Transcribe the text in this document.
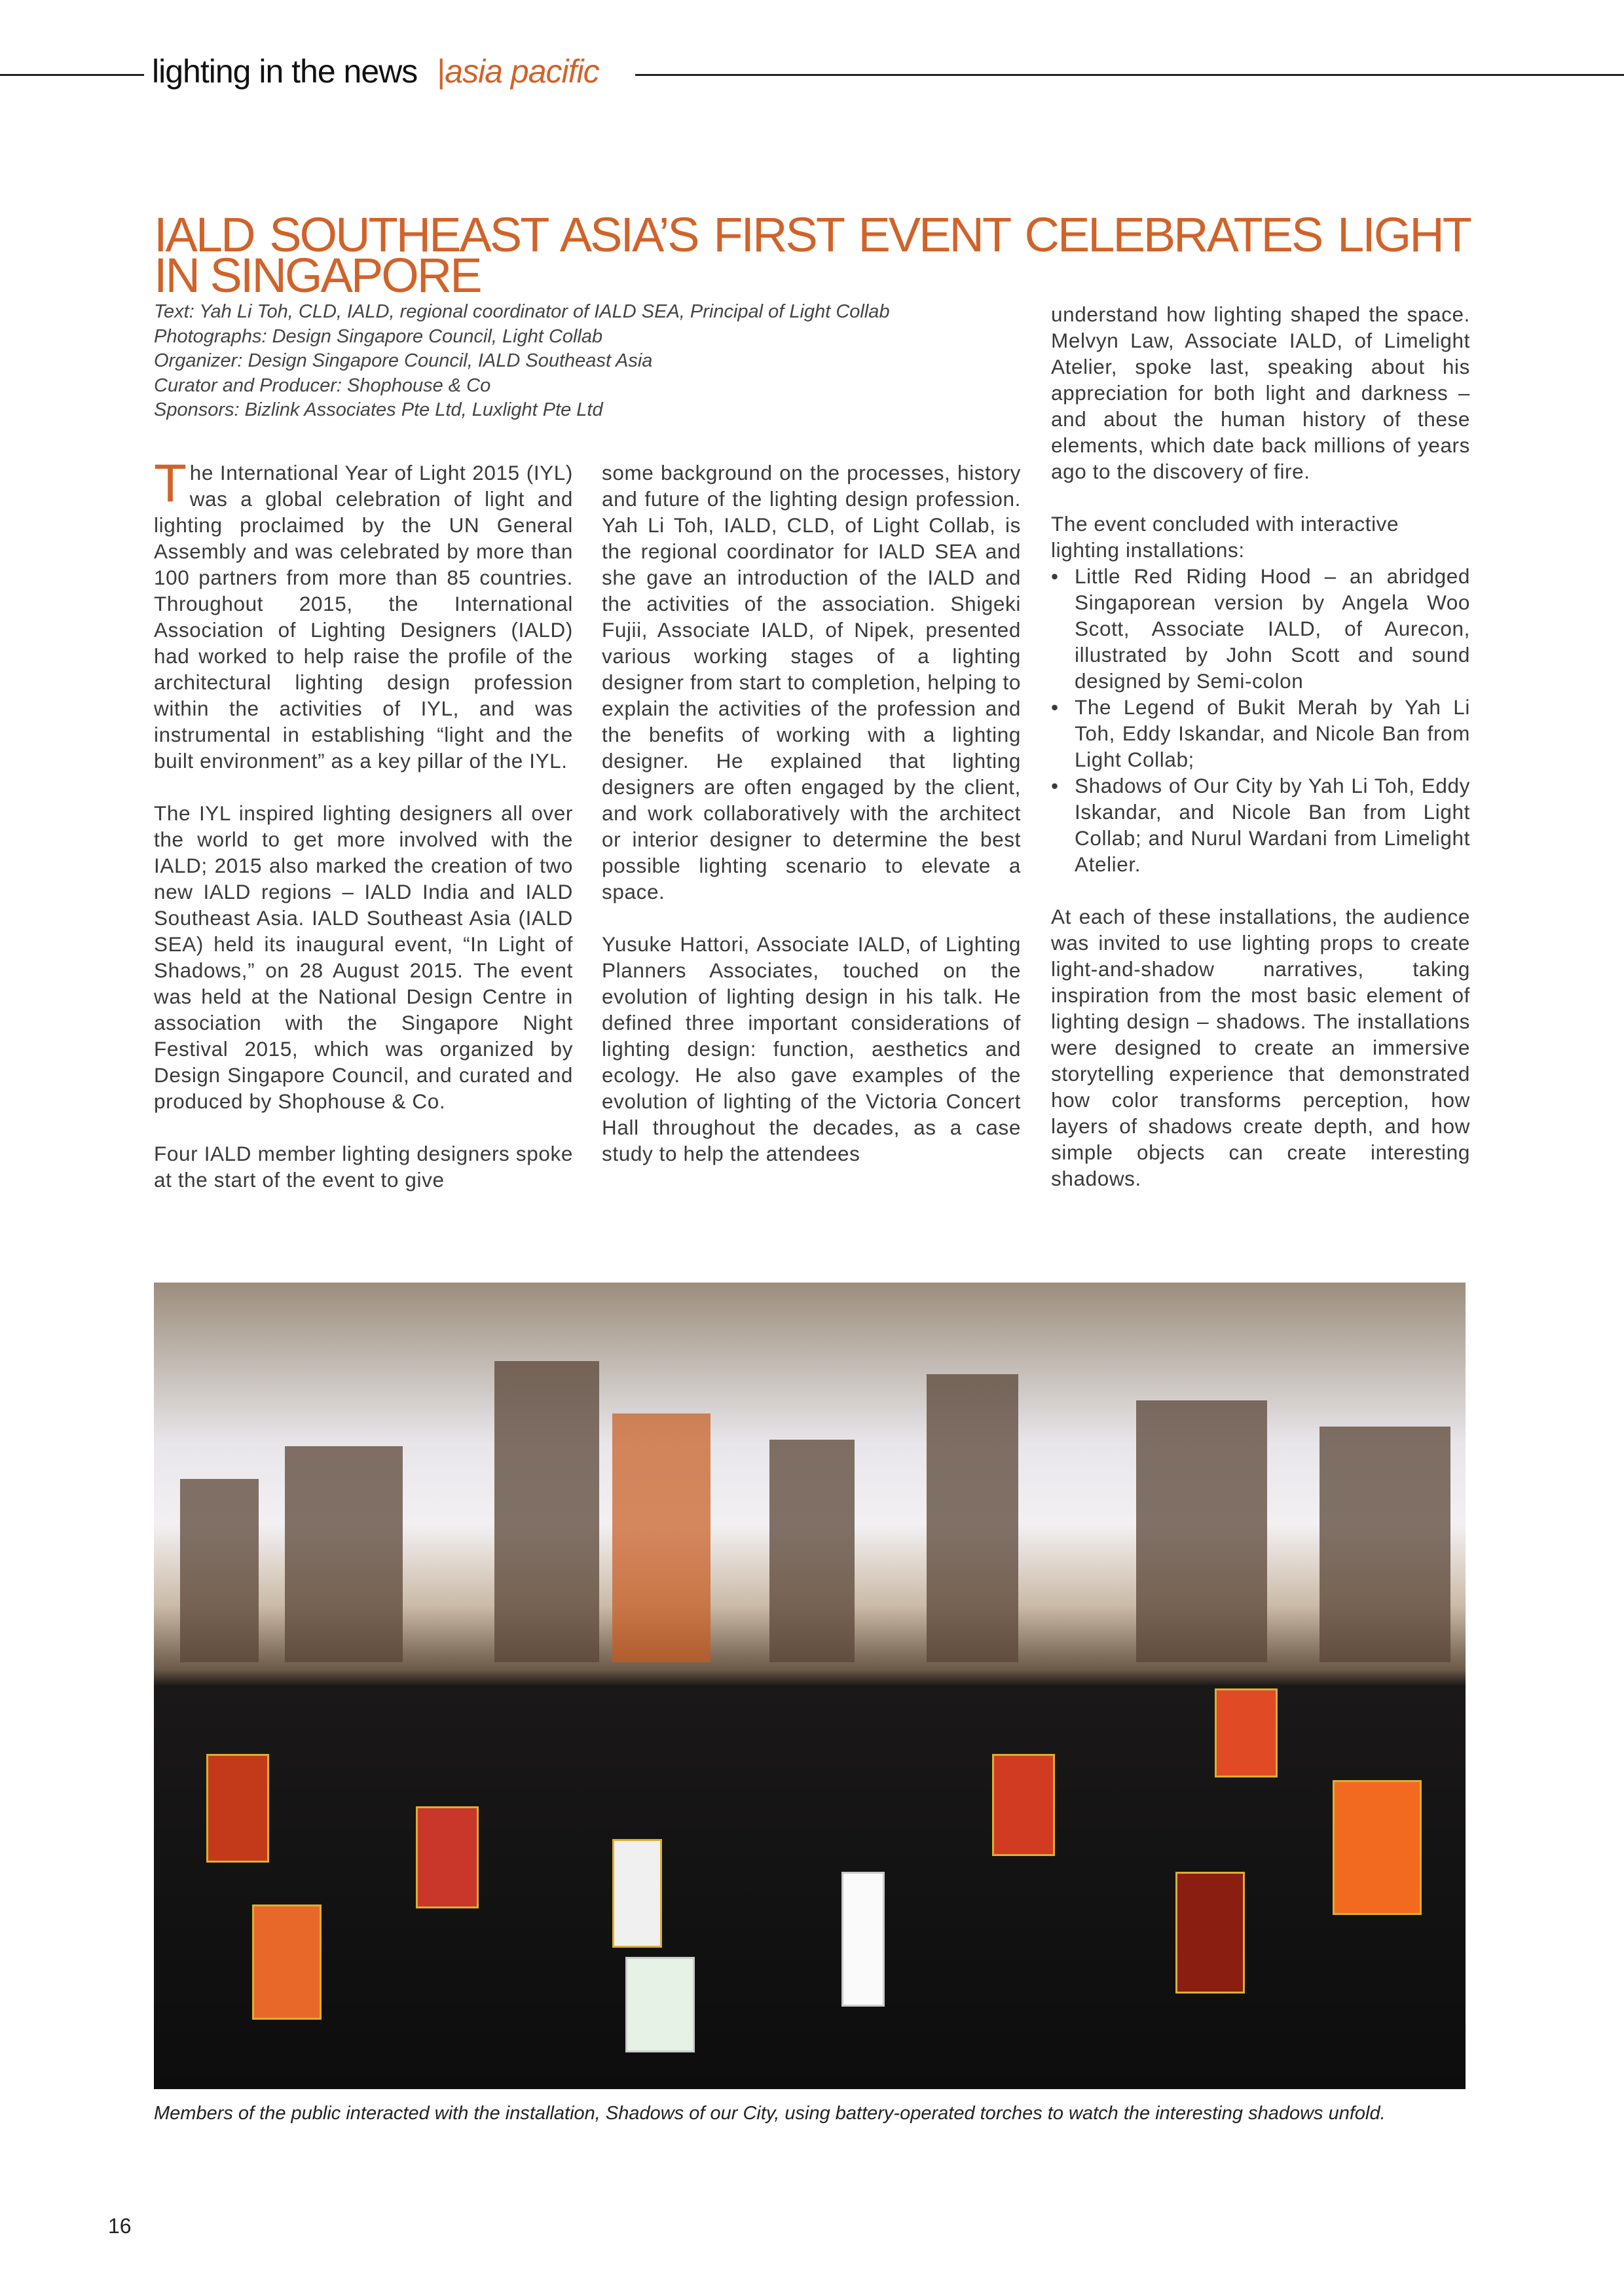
lighting in the news |asia pacific
IALD SOUTHEAST ASIA’S FIRST EVENT CELEBRATES LIGHT IN SINGAPORE
Text: Yah Li Toh, CLD, IALD, regional coordinator of IALD SEA, Principal of Light Collab
Photographs: Design Singapore Council, Light Collab
Organizer: Design Singapore Council, IALD Southeast Asia
Curator and Producer: Shophouse & Co
Sponsors: Bizlink Associates Pte Ltd, Luxlight Pte Ltd

The International Year of Light 2015 (IYL) was a global celebration of light and lighting proclaimed by the UN General Assembly and was celebrated by more than 100 partners from more than 85 countries. Throughout 2015, the International Association of Lighting Designers (IALD) had worked to help raise the profile of the architectural lighting design profession within the activities of IYL, and was instrumental in establishing “light and the built environment” as a key pillar of the IYL.

The IYL inspired lighting designers all over the world to get more involved with the IALD; 2015 also marked the creation of two new IALD regions – IALD India and IALD Southeast Asia. IALD Southeast Asia (IALD SEA) held its inaugural event, “In Light of Shadows,” on 28 August 2015. The event was held at the National Design Centre in association with the Singapore Night Festival 2015, which was organized by Design Singapore Council, and curated and produced by Shophouse & Co.

Four IALD member lighting designers spoke at the start of the event to give

some background on the processes, history and future of the lighting design profession. Yah Li Toh, IALD, CLD, of Light Collab, is the regional coordinator for IALD SEA and she gave an introduction of the IALD and the activities of the association. Shigeki Fujii, Associate IALD, of Nipek, presented various working stages of a lighting designer from start to completion, helping to explain the activities of the profession and the benefits of working with a lighting designer. He explained that lighting designers are often engaged by the client, and work collaboratively with the architect or interior designer to determine the best possible lighting scenario to elevate a space.

Yusuke Hattori, Associate IALD, of Lighting Planners Associates, touched on the evolution of lighting design in his talk. He defined three important considerations of lighting design: function, aesthetics and ecology. He also gave examples of the evolution of lighting of the Victoria Concert Hall throughout the decades, as a case study to help the attendees

understand how lighting shaped the space. Melvyn Law, Associate IALD, of Limelight Atelier, spoke last, speaking about his appreciation for both light and darkness – and about the human history of these elements, which date back millions of years ago to the discovery of fire.

The event concluded with interactive lighting installations:

• Little Red Riding Hood – an abridged Singaporean version by Angela Woo Scott, Associate IALD, of Aurecon, illustrated by John Scott and sound designed by Semi-colon
• The Legend of Bukit Merah by Yah Li Toh, Eddy Iskandar, and Nicole Ban from Light Collab;
• Shadows of Our City by Yah Li Toh, Eddy Iskandar, and Nicole Ban from Light Collab; and Nurul Wardani from Limelight Atelier.

At each of these installations, the audience was invited to use lighting props to create light-and-shadow narratives, taking inspiration from the most basic element of lighting design – shadows. The installations were designed to create an immersive storytelling experience that demonstrated how color transforms perception, how layers of shadows create depth, and how simple objects can create interesting shadows.

Members of the public interacted with the installation, Shadows of our City, using battery-operated torches to watch the interesting shadows unfold.
16
